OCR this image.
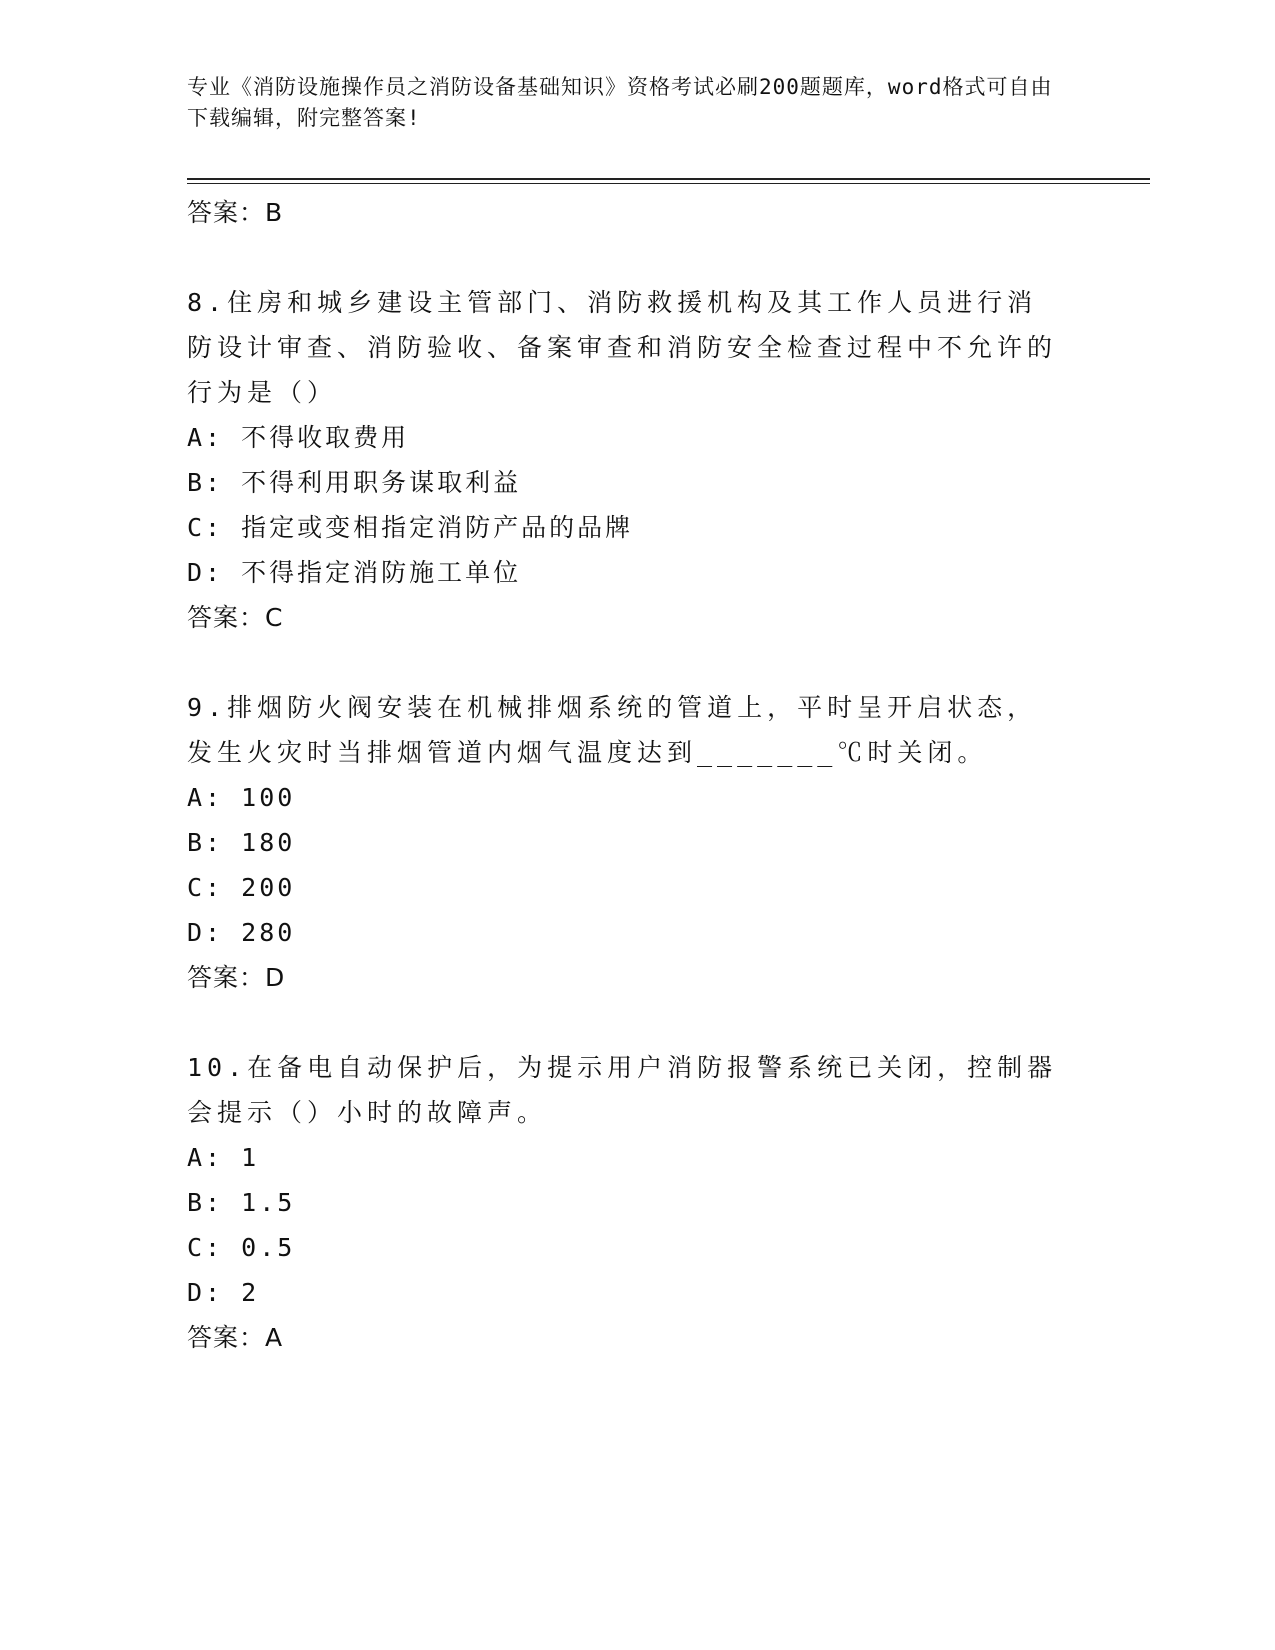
专业《消防设施操作员之消防设备基础知识》资格考试必刷200题题库，word格式可自由下载编辑，附完整答案!
答案：B
8.住房和城乡建设主管部门、消防救援机构及其工作人员进行消防设计审查、消防验收、备案审查和消防安全检查过程中不允许的行为是（）
A: 不得收取费用
B: 不得利用职务谋取利益
C: 指定或变相指定消防产品的品牌
D: 不得指定消防施工单位
答案：C
9.排烟防火阀安装在机械排烟系统的管道上，平时呈开启状态，发生火灾时当排烟管道内烟气温度达到_______℃时关闭。
A: 100
B: 180
C: 200
D: 280
答案：D
10.在备电自动保护后，为提示用户消防报警系统已关闭，控制器会提示（）小时的故障声。
A: 1
B: 1.5
C: 0.5
D: 2
答案：A
